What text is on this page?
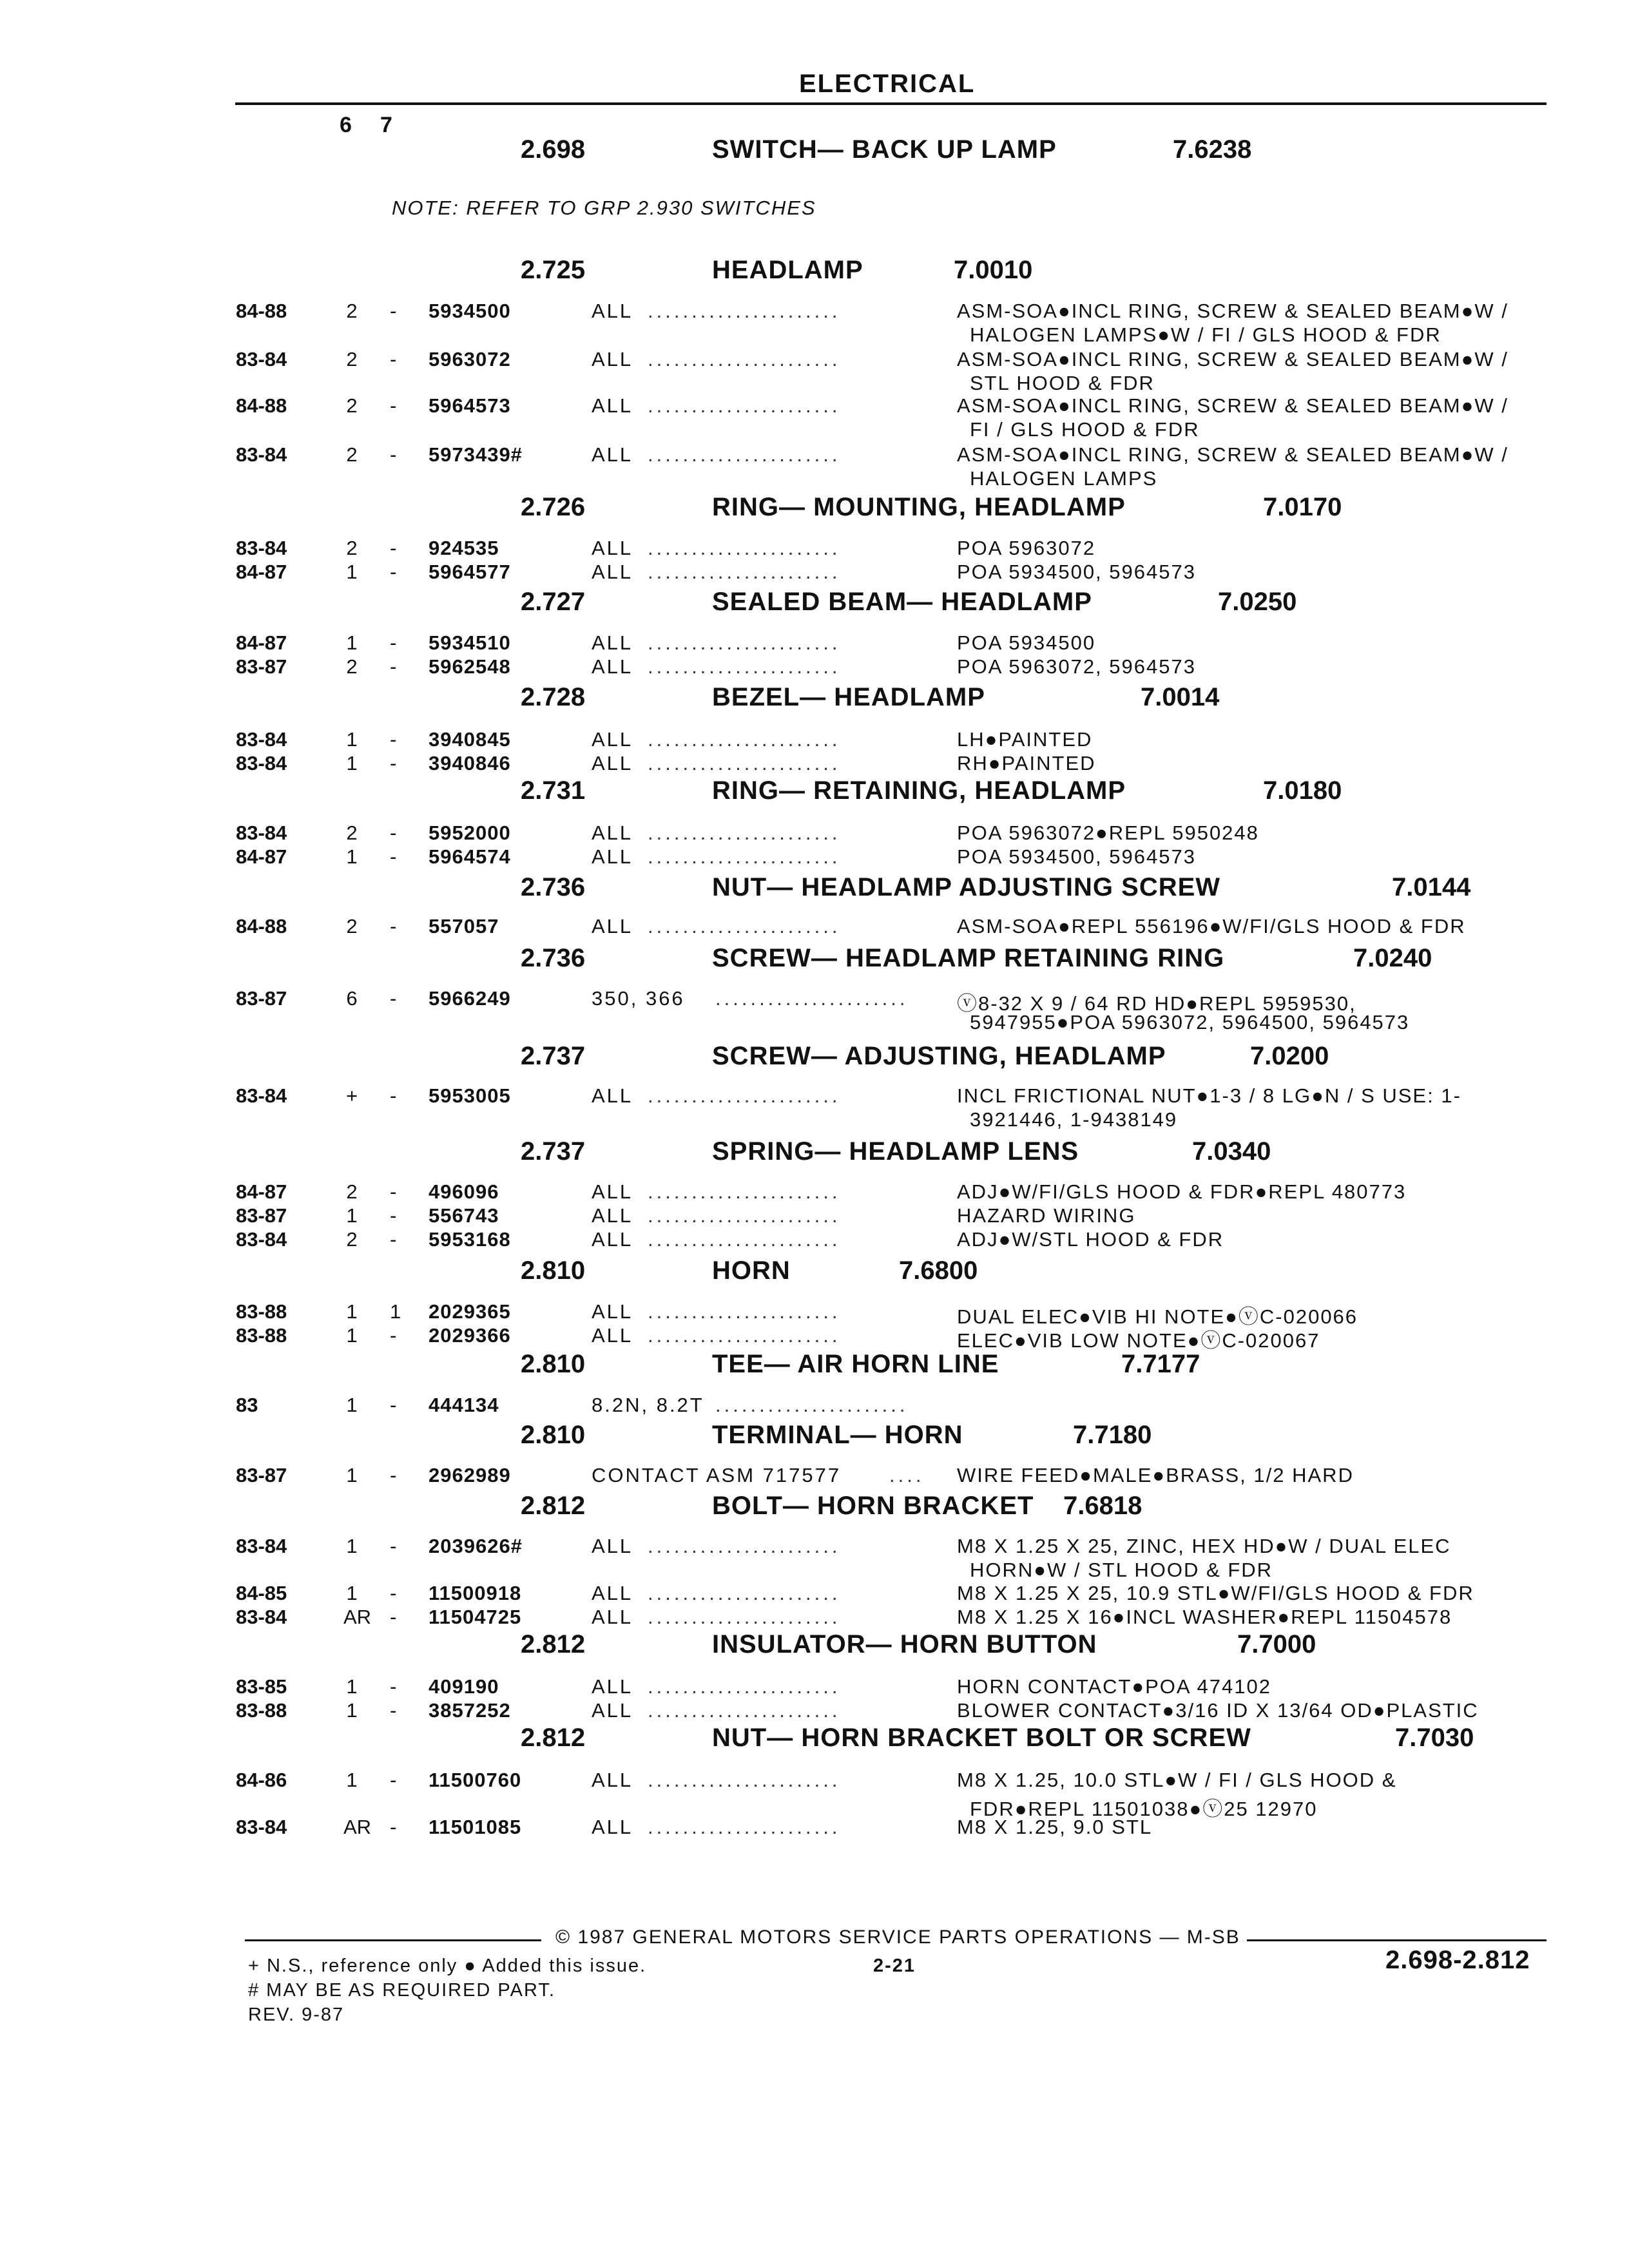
ELECTRICAL
6 7
NOTE: REFER TO GRP 2.930 SWITCHES
2.698	SWITCH— BACK UP LAMP	7.6238
2.725	HEADLAMP	7.0010
84-88	2 - 5934500	ALL ......................	ASM-SOA●INCL RING, SCREW & SEALED BEAM●W /
HALOGEN LAMPS●W / FI / GLS HOOD & FDR
83-84	2 - 5963072	ALL ......................	ASM-SOA●INCL RING, SCREW & SEALED BEAM●W /
STL HOOD & FDR
84-88	2 - 5964573	ALL ......................	ASM-SOA●INCL RING, SCREW & SEALED BEAM●W /
FI / GLS HOOD & FDR
83-84	2 - 5973439#	ALL ......................	ASM-SOA●INCL RING, SCREW & SEALED BEAM●W /
HALOGEN LAMPS
2.726	RING— MOUNTING, HEADLAMP	7.0170
83-84	2 - 924535	ALL ......................	POA 5963072
84-87	1 - 5964577	ALL ......................	POA 5934500, 5964573
2.727	SEALED BEAM— HEADLAMP	7.0250
84-87	1 - 5934510	ALL ......................	POA 5934500
83-87	2 - 5962548	ALL ......................	POA 5963072, 5964573
2.728	BEZEL— HEADLAMP	7.0014
83-84	1 - 3940845	ALL ......................	LH●PAINTED
83-84	1 - 3940846	ALL ......................	RH●PAINTED
2.731	RING— RETAINING, HEADLAMP	7.0180
83-84	2 - 5952000	ALL ......................	POA 5963072●REPL 5950248
84-87	1 - 5964574	ALL ......................	POA 5934500, 5964573
2.736	NUT— HEADLAMP ADJUSTING SCREW	7.0144
84-88	2 - 557057	ALL ......................	ASM-SOA●REPL 556196●W/FI/GLS HOOD & FDR
2.736	SCREW— HEADLAMP RETAINING RING	7.0240
83-87	6 - 5966249	350, 366 ...................... ⓥ8-32 X 9 / 64 RD HD●REPL 5959530,
5947955●POA 5963072, 5964500, 5964573
2.737	SCREW— ADJUSTING, HEADLAMP	7.0200
83-84	+ - 5953005	ALL ......................	INCL FRICTIONAL NUT●1-3 / 8 LG●N / S USE: 1-
3921446, 1-9438149
2.737	SPRING— HEADLAMP LENS	7.0340
84-87	2 - 496096	ALL ......................	ADJ●W/FI/GLS HOOD & FDR●REPL 480773
83-87	1 - 556743	ALL ......................	HAZARD WIRING
83-84	2 - 5953168	ALL ......................	ADJ●W/STL HOOD & FDR
2.810	HORN	7.6800
83-88	1 1 2029365	ALL ......................	DUAL ELEC●VIB HI NOTE●ⓥC-020066
83-88	1 - 2029366	ALL ......................	ELEC●VIB LOW NOTE●ⓥC-020067
2.810	TEE— AIR HORN LINE	7.7177
83	1 - 444134	8.2N, 8.2T ......................
2.810	TERMINAL— HORN	7.7180
83-87	1 - 2962989	CONTACT ASM 717577 .... WIRE FEED●MALE●BRASS, 1/2 HARD
2.812	BOLT— HORN BRACKET 7.6818
83-84	1 - 2039626#	ALL ......................	M8 X 1.25 X 25, ZINC, HEX HD●W / DUAL ELEC
HORN●W / STL HOOD & FDR
84-85	1 - 11500918	ALL ......................	M8 X 1.25 X 25, 10.9 STL●W/FI/GLS HOOD & FDR
83-84	AR - 11504725	ALL ......................	M8 X 1.25 X 16●INCL WASHER●REPL 11504578
2.812	INSULATOR— HORN BUTTON	7.7000
83-85	1 - 409190	ALL ......................	HORN CONTACT●POA 474102
83-88	1 - 3857252	ALL ......................	BLOWER CONTACT●3/16 ID X 13/64 OD●PLASTIC
2.812	NUT— HORN BRACKET BOLT OR SCREW	7.7030
84-86	1 - 11500760	ALL ......................	M8 X 1.25, 10.0 STL●W / FI / GLS HOOD &
FDR●REPL 11501038●ⓥ25 12970
83-84	AR - 11501085	ALL ......................	M8 X 1.25, 9.0 STL
© 1987 GENERAL MOTORS SERVICE PARTS OPERATIONS — M-SB
+ N.S., reference only ● Added this issue.
# MAY BE AS REQUIRED PART.
REV. 9-87
2-21	2.698-2.812
